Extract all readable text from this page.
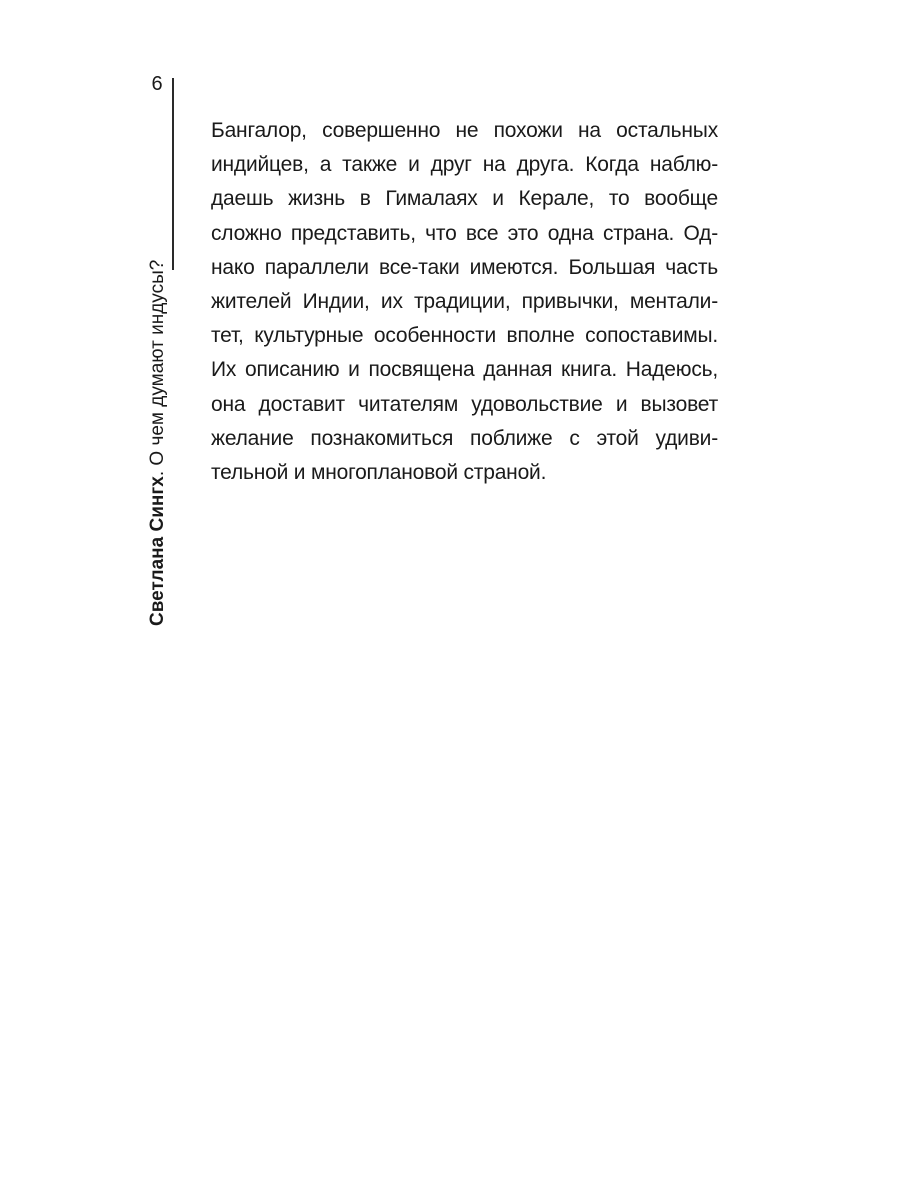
6
Светлана Сингх. О чем думают индусы?
Бангалор, совершенно не похожи на остальных
индийцев, а также и друг на друга. Когда наблю-
даешь жизнь в Гималаях и Керале, то вообще
сложно представить, что все это одна страна. Од-
нако параллели все-таки имеются. Большая часть
жителей Индии, их традиции, привычки, ментали-
тет, культурные особенности вполне сопоставимы.
Их описанию и посвящена данная книга. Надеюсь,
она доставит читателям удовольствие и вызовет
желание познакомиться поближе с этой удиви-
тельной и многоплановой страной.
